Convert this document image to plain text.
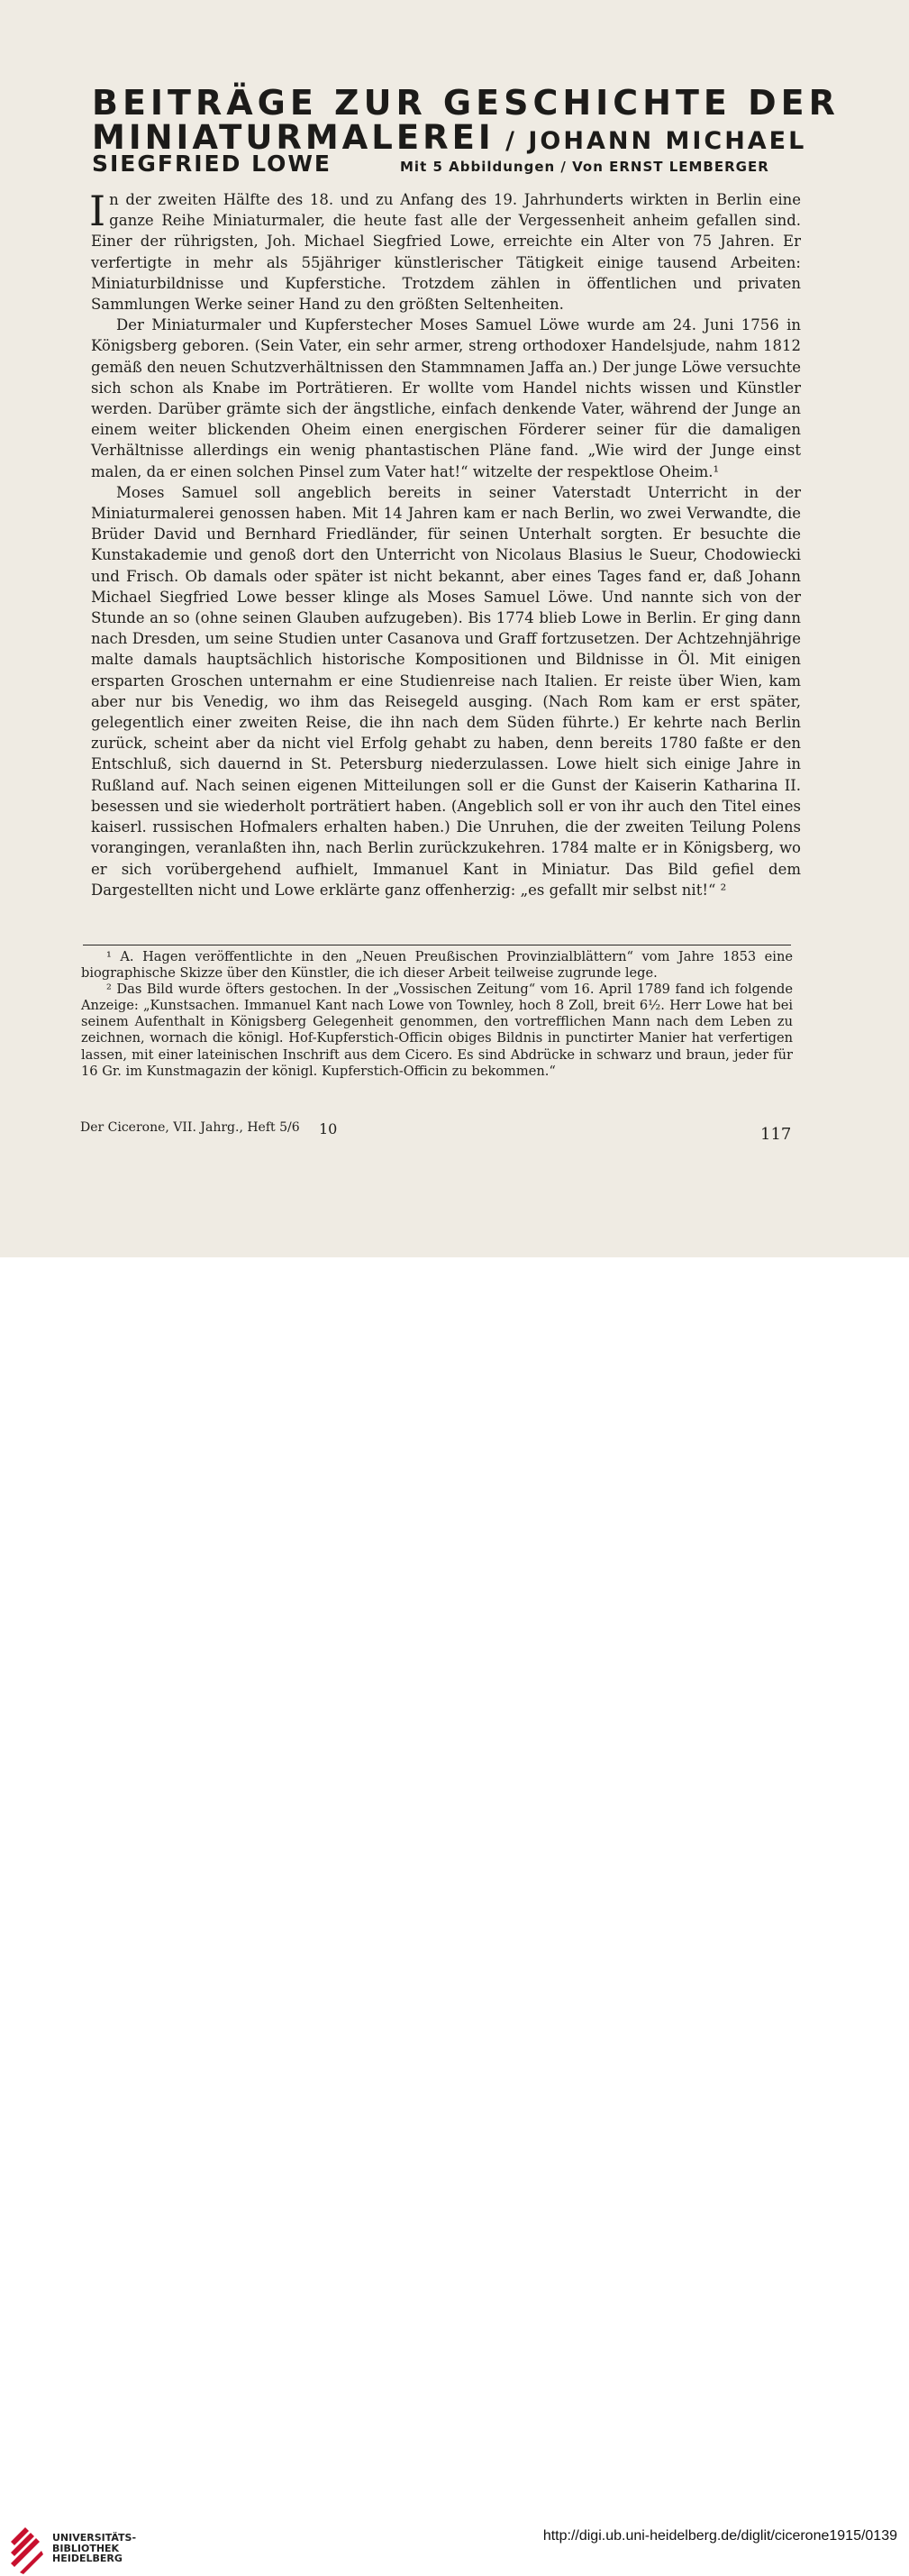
BEITRÄGE ZUR GESCHICHTE DER
MINIATURMALEREI / JOHANN MICHAEL
SIEGFRIED LOWE	Mit 5 Abbildungen / Von ERNST LEMBERGER

In der zweiten Hälfte des 18. und zu Anfang des 19. Jahrhunderts wirkten in Berlin eine ganze Reihe Miniaturmaler, die heute fast alle der Vergessenheit anheim gefallen sind. Einer der rührigsten, Joh. Michael Siegfried Lowe, erreichte ein Alter von 75 Jahren. Er verfertigte in mehr als 55jähriger künstlerischer Tätigkeit einige tausend Arbeiten: Miniaturbildnisse und Kupferstiche. Trotzdem zählen in öffentlichen und privaten Sammlungen Werke seiner Hand zu den größten Seltenheiten.

Der Miniaturmaler und Kupferstecher Moses Samuel Löwe wurde am 24. Juni 1756 in Königsberg geboren. (Sein Vater, ein sehr armer, streng orthodoxer Handelsjude, nahm 1812 gemäß den neuen Schutzverhältnissen den Stammnamen Jaffa an.) Der junge Löwe versuchte sich schon als Knabe im Porträtieren. Er wollte vom Handel nichts wissen und Künstler werden. Darüber grämte sich der ängstliche, einfach denkende Vater, während der Junge an einem weiter blickenden Oheim einen energischen Förderer seiner für die damaligen Verhältnisse allerdings ein wenig phantastischen Pläne fand. „Wie wird der Junge einst malen, da er einen solchen Pinsel zum Vater hat!“ witzelte der respektlose Oheim.¹

Moses Samuel soll angeblich bereits in seiner Vaterstadt Unterricht in der Miniaturmalerei genossen haben. Mit 14 Jahren kam er nach Berlin, wo zwei Verwandte, die Brüder David und Bernhard Friedländer, für seinen Unterhalt sorgten. Er besuchte die Kunstakademie und genoß dort den Unterricht von Nicolaus Blasius le Sueur, Chodowiecki und Frisch. Ob damals oder später ist nicht bekannt, aber eines Tages fand er, daß Johann Michael Siegfried Lowe besser klinge als Moses Samuel Löwe. Und nannte sich von der Stunde an so (ohne seinen Glauben aufzugeben). Bis 1774 blieb Lowe in Berlin. Er ging dann nach Dresden, um seine Studien unter Casanova und Graff fortzusetzen. Der Achtzehnjährige malte damals hauptsächlich historische Kompositionen und Bildnisse in Öl. Mit einigen ersparten Groschen unternahm er eine Studienreise nach Italien. Er reiste über Wien, kam aber nur bis Venedig, wo ihm das Reisegeld ausging. (Nach Rom kam er erst später, gelegentlich einer zweiten Reise, die ihn nach dem Süden führte.) Er kehrte nach Berlin zurück, scheint aber da nicht viel Erfolg gehabt zu haben, denn bereits 1780 faßte er den Entschluß, sich dauernd in St. Petersburg niederzulassen. Lowe hielt sich einige Jahre in Rußland auf. Nach seinen eigenen Mitteilungen soll er die Gunst der Kaiserin Katharina II. besessen und sie wiederholt porträtiert haben. (Angeblich soll er von ihr auch den Titel eines kaiserl. russischen Hofmalers erhalten haben.) Die Unruhen, die der zweiten Teilung Polens vorangingen, veranlaßten ihn, nach Berlin zurückzukehren. 1784 malte er in Königsberg, wo er sich vorübergehend aufhielt, Immanuel Kant in Miniatur. Das Bild gefiel dem Dargestellten nicht und Lowe erklärte ganz offenherzig: „es gefallt mir selbst nit!“ ²

¹ A. Hagen veröffentlichte in den „Neuen Preußischen Provinzialblättern“ vom Jahre 1853 eine biographische Skizze über den Künstler, die ich dieser Arbeit teilweise zugrunde lege.

² Das Bild wurde öfters gestochen. In der „Vossischen Zeitung“ vom 16. April 1789 fand ich folgende Anzeige: „Kunstsachen. Immanuel Kant nach Lowe von Townley, hoch 8 Zoll, breit 6½. Herr Lowe hat bei seinem Aufenthalt in Königsberg Gelegenheit genommen, den vortrefflichen Mann nach dem Leben zu zeichnen, wornach die königl. Hof-Kupferstich-Officin obiges Bildnis in punctirter Manier hat verfertigen lassen, mit einer lateinischen Inschrift aus dem Cicero. Es sind Abdrücke in schwarz und braun, jeder für 16 Gr. im Kunstmagazin der königl. Kupferstich-Officin zu bekommen.“

Der Cicerone, VII. Jahrg., Heft 5/6 10	117
UNIVERSITÄTS-
BIBLIOTHEK
HEIDELBERG
http://digi.ub.uni-heidelberg.de/diglit/cicerone1915/0139
